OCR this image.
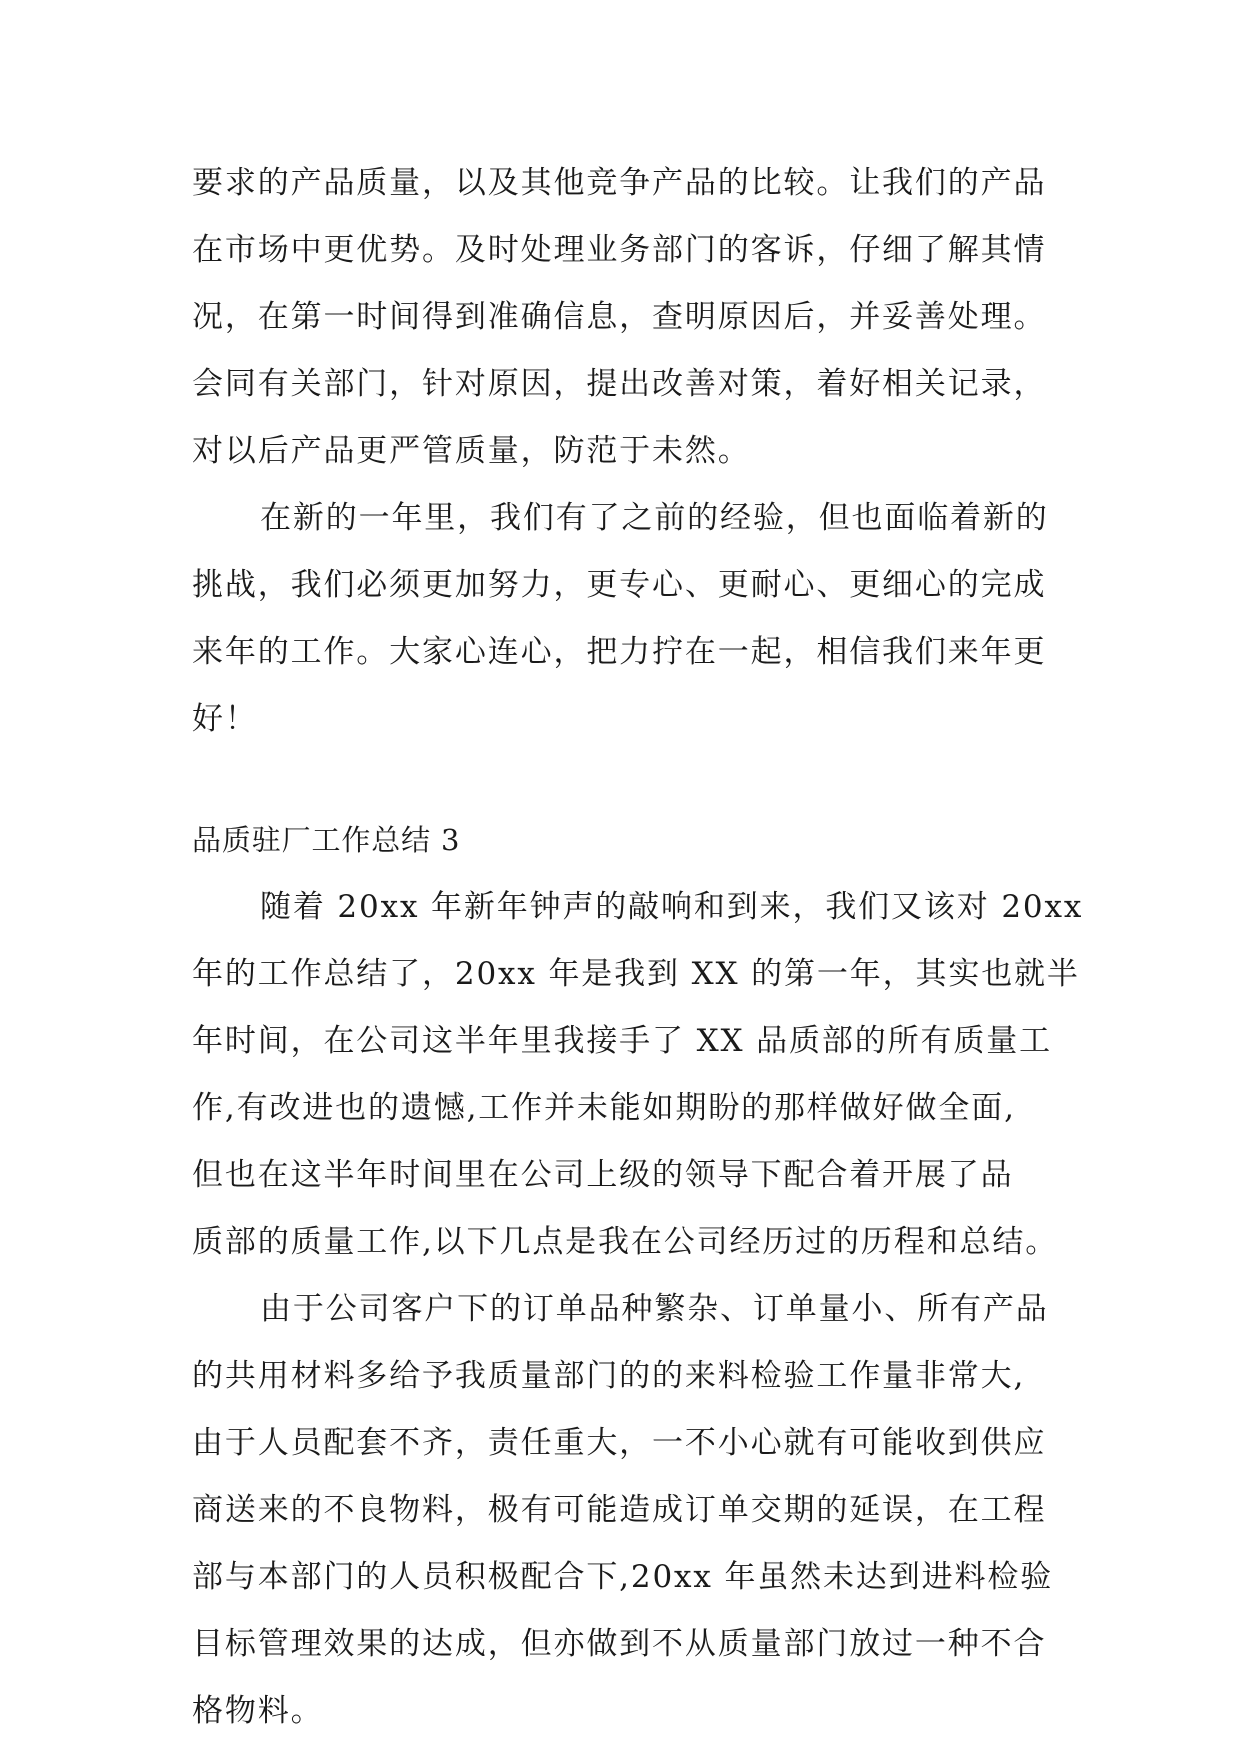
要求的产品质量，以及其他竞争产品的比较。让我们的产品
在市场中更优势。及时处理业务部门的客诉，仔细了解其情
况，在第一时间得到准确信息，查明原因后，并妥善处理。
会同有关部门，针对原因，提出改善对策，着好相关记录，
对以后产品更严管质量，防范于未然。
在新的一年里，我们有了之前的经验，但也面临着新的
挑战，我们必须更加努力，更专心、更耐心、更细心的完成
来年的工作。大家心连心，把力拧在一起，相信我们来年更
好！
品质驻厂工作总结 3
随着 20xx 年新年钟声的敲响和到来，我们又该对 20xx
年的工作总结了，20xx 年是我到 XX 的第一年，其实也就半
年时间，在公司这半年里我接手了 XX 品质部的所有质量工
作,有改进也的遗憾,工作并未能如期盼的那样做好做全面,
但也在这半年时间里在公司上级的领导下配合着开展了品
质部的质量工作,以下几点是我在公司经历过的历程和总结。
由于公司客户下的订单品种繁杂、订单量小、所有产品
的共用材料多给予我质量部门的的来料检验工作量非常大,
由于人员配套不齐，责任重大，一不小心就有可能收到供应
商送来的不良物料，极有可能造成订单交期的延误，在工程
部与本部门的人员积极配合下,20xx 年虽然未达到进料检验
目标管理效果的达成，但亦做到不从质量部门放过一种不合
格物料。
